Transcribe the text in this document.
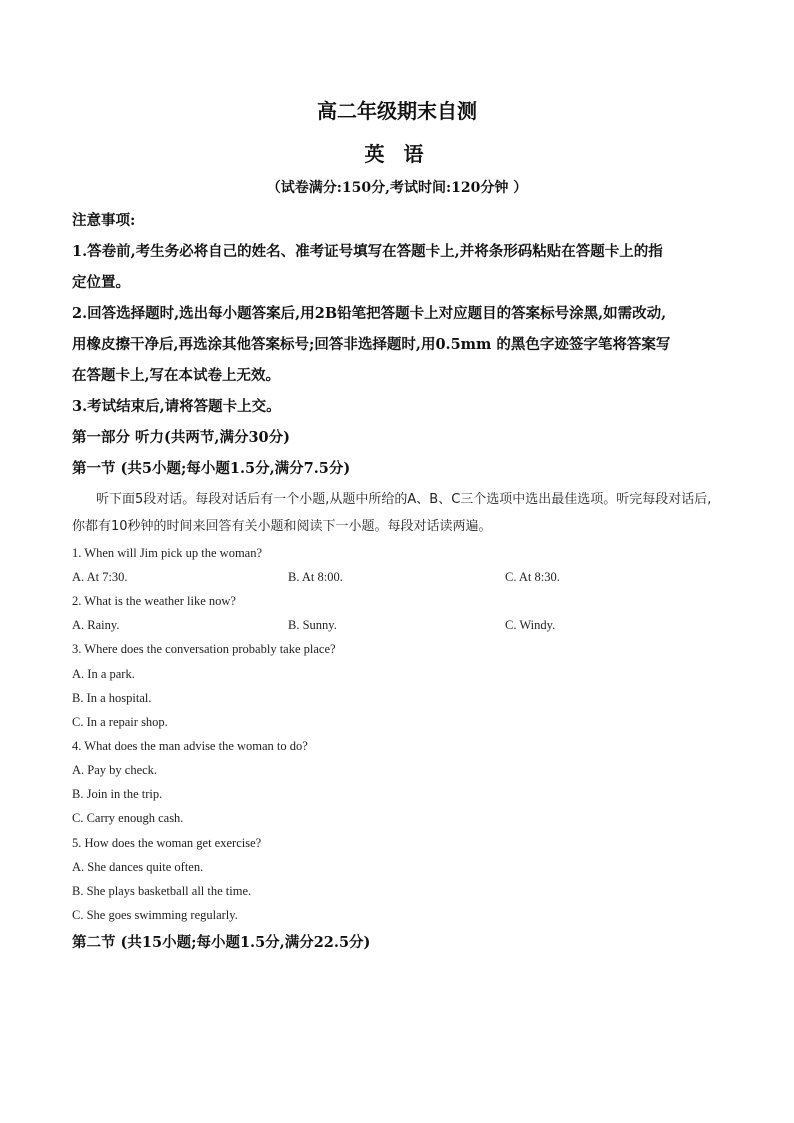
高二年级期末自测
英 语
（试卷满分:150分,考试时间:120分钟 ）
注意事项:
1.答卷前,考生务必将自己的姓名、准考证号填写在答题卡上,并将条形码粘贴在答题卡上的指
定位置。
2.回答选择题时,选出每小题答案后,用2B铅笔把答题卡上对应题目的答案标号涂黑,如需改动,
用橡皮擦干净后,再选涂其他答案标号;回答非选择题时,用0.5mm 的黑色字迹签字笔将答案写
在答题卡上,写在本试卷上无效。
3.考试结束后,请将答题卡上交。
第一部分 听力(共两节,满分30分)
第一节 (共5小题;每小题1.5分,满分7.5分)
听下面5段对话。每段对话后有一个小题,从题中所给的A、B、C三个选项中选出最佳选项。听完每段对话后,你都有10秒钟的时间来回答有关小题和阅读下一小题。每段对话读两遍。
1. When will Jim pick up the woman?
A. At 7:30.	B. At 8:00.	C. At 8:30.
2. What is the weather like now?
A. Rainy.	B. Sunny.	C. Windy.
3. Where does the conversation probably take place?
A. In a park.
B. In a hospital.
C. In a repair shop.
4. What does the man advise the woman to do?
A. Pay by check.
B. Join in the trip.
C. Carry enough cash.
5. How does the woman get exercise?
A. She dances quite often.
B. She plays basketball all the time.
C. She goes swimming regularly.
第二节 (共15小题;每小题1.5分,满分22.5分)
